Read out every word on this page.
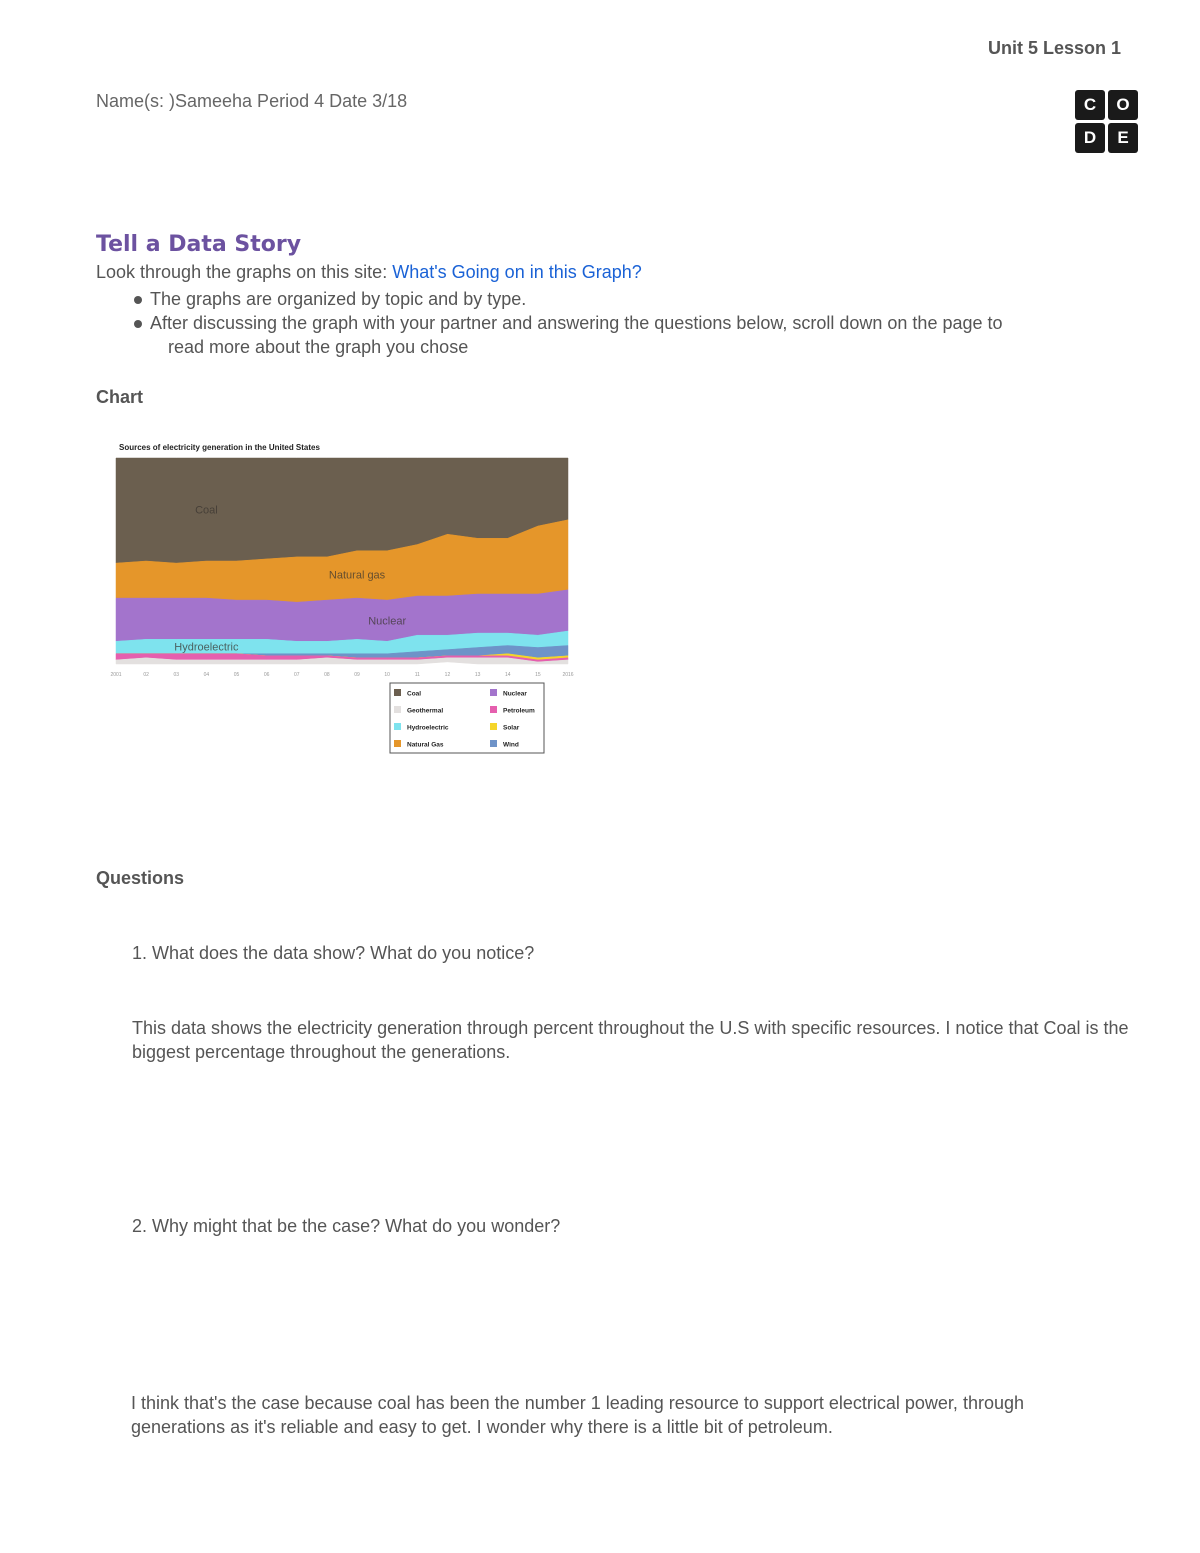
Unit 5 Lesson 1
Name(s: )Sameeha Period 4 Date 3/18	C	O
D	E
Tell a Data Story
Look through the graphs on this site: What's Going on in this Graph?
The graphs are organized by topic and by type.
After discussing the graph with your partner and answering the questions below, scroll down on the page to
read more about the graph you chose
Chart
Sources of electricity generation in the United States
Coal
Natural gas
Nuclear
Hydroelectric
2001	02	03	04	05	06	07	08	09	10	11	12	13	14	15	2016
Coal	Nuclear
Geothermal	Petroleum
Hydroelectric	Solar
Natural Gas	Wind
Questions
1. What does the data show? What do you notice?
This data shows the electricity generation through percent throughout the U.S with specific resources. I notice that Coal is the biggest percentage throughout the generations.
2. Why might that be the case? What do you wonder?
I think that's the case because coal has been the number 1 leading resource to support electrical power, through generations as it's reliable and easy to get. I wonder why there is a little bit of petroleum.
